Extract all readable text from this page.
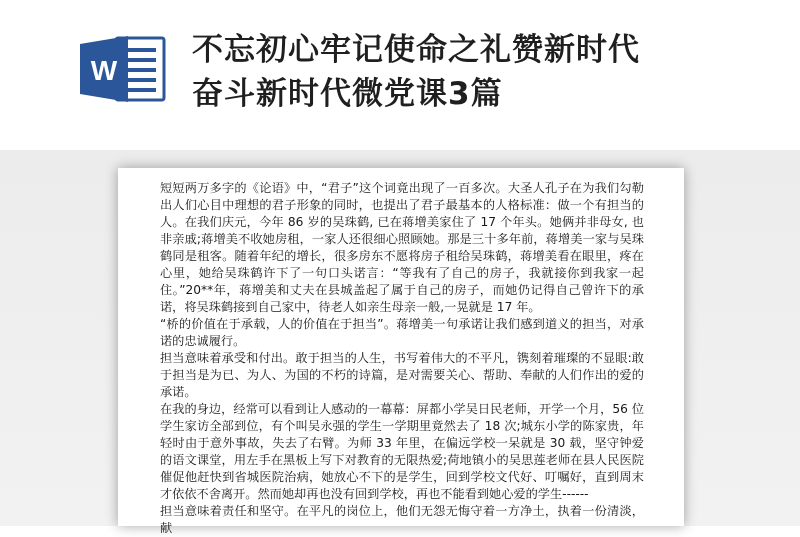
W
不忘初心牢记使命之礼赞新时代
奋斗新时代微党课3篇

短短两万多字的《论语》中，“君子”这个词竟出现了一百多次。大圣人孔子在为我们勾勒出人们心目中理想的君子形象的同时，也提出了君子最基本的人格标准：做一个有担当的人。在我们庆元，今年 86 岁的吴珠鹤, 已在蒋增美家住了 17 个年头。她俩并非母女, 也非亲戚;蒋增美不收她房租，一家人还很细心照顾她。那是三十多年前，蒋增美一家与吴珠鹤同是租客。随着年纪的增长，很多房东不愿将房子租给吴珠鹤，蒋增美看在眼里，疼在心里，她给吴珠鹤许下了一句口头诺言：“等我有了自己的房子，我就接你到我家一起住。”20**年，蒋增美和丈夫在县城盖起了属于自己的房子，而她仍记得自己曾许下的承诺，将吴珠鹤接到自己家中，待老人如亲生母亲一般,一晃就是 17 年。

“桥的价值在于承载，人的价值在于担当”。蒋增美一句承诺让我们感到道义的担当，对承诺的忠诚履行。

担当意味着承受和付出。敢于担当的人生，书写着伟大的不平凡，镌刻着璀璨的不显眼:敢于担当是为已、为人、为国的不朽的诗篇，是对需要关心、帮助、奉献的人们作出的爱的承诺。

在我的身边，经常可以看到让人感动的一幕幕：屏都小学吴日民老师，开学一个月，56 位学生家访全部到位，有个叫吴永强的学生一学期里竟然去了 18 次;城东小学的陈家贵，年轻时由于意外事故，失去了右臂。为师 33 年里，在偏远学校一呆就是 30 载，坚守钟爱的语文课堂，用左手在黑板上写下对教育的无限热爱;荷地镇小的吴思莲老师在县人民医院催促他赶快到省城医院治病，她放心不下的是学生，回到学校文代好、叮嘱好，直到周末才依依不舍离开。然而她却再也没有回到学校，再也不能看到她心爱的学生------

担当意味着责任和坚守。在平凡的岗位上，他们无怨无悔守着一方净土，执着一份清淡，献
